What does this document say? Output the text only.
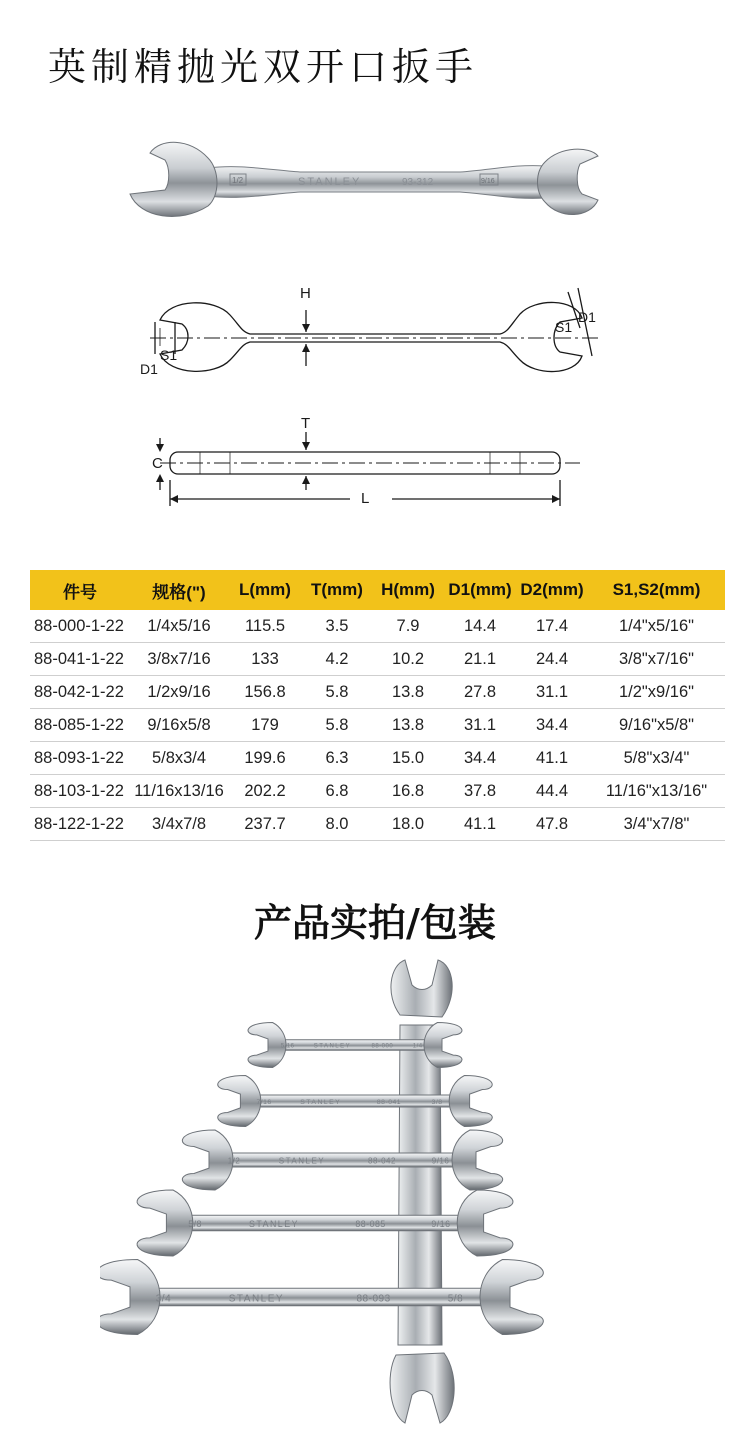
英制精抛光双开口扳手
1/2	STANLEY	93-312	9/16
H
S1
D1
S1
D1
T
C
L
件号	规格(")	L(mm)	T(mm)	H(mm)	D1(mm)	D2(mm)	S1,S2(mm)
88-000-1-22	1/4x5/16	115.5	3.5	7.9	14.4	17.4	1/4"x5/16"
88-041-1-22	3/8x7/16	133	4.2	10.2	21.1	24.4	3/8"x7/16"
88-042-1-22	1/2x9/16	156.8	5.8	13.8	27.8	31.1	1/2"x9/16"
88-085-1-22	9/16x5/8	179	5.8	13.8	31.1	34.4	9/16"x5/8"
88-093-1-22	5/8x3/4	199.6	6.3	15.0	34.4	41.1	5/8"x3/4"
88-103-1-22	11/16x13/16	202.2	6.8	16.8	37.8	44.4	11/16"x13/16"
88-122-1-22	3/4x7/8	237.7	8.0	18.0	41.1	47.8	3/4"x7/8"
产品实拍/包装
5/16	STANLEY	88-000	1/4
7/16	STANLEY	88-041	3/8
1/2	STANLEY	88-042	9/16
5/8	STANLEY	88-085	9/16
3/4	STANLEY	88-093	5/8
